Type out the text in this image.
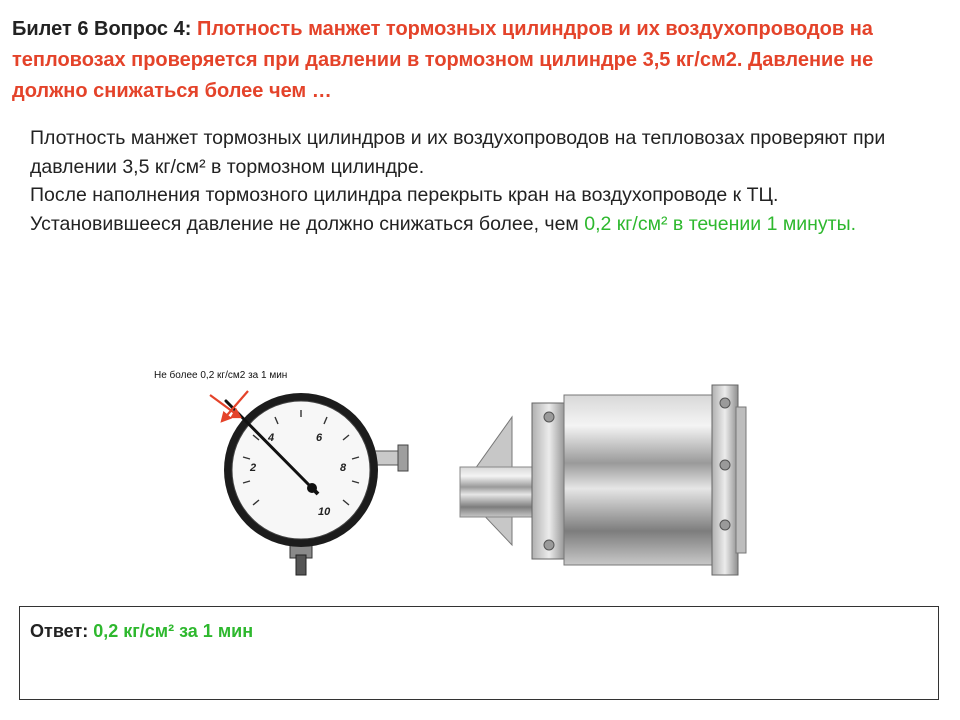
Билет 6 Вопрос 4: Плотность манжет тормозных цилиндров и их воздухопроводов на тепловозах проверяется при давлении в тормозном цилиндре 3,5 кг/см2. Давление не должно снижаться более чем …

Плотность манжет тормозных цилиндров и их воздухопроводов на тепловозах проверяют при давлении 3,5 кг/см² в тормозном цилиндре.

После наполнения тормозного цилиндра перекрыть кран на воздухопроводе к ТЦ.

Установившееся давление не должно снижаться более, чем 0,2 кг/см² в течении 1 минуты.

2
4	6
8
10
Не более 0,2 кг/см2 за 1 мин
Ответ: 0,2 кг/см² за 1 мин
